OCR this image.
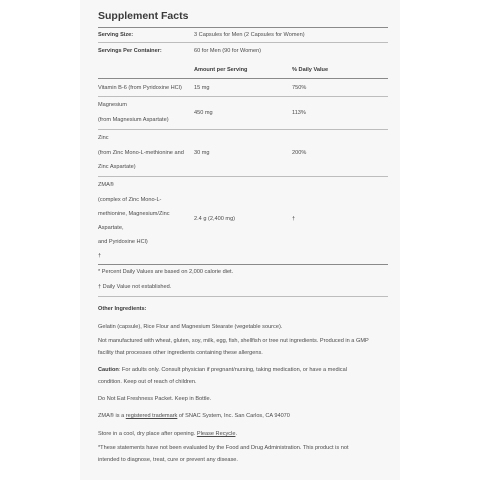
Supplement Facts
Serving Size:	3 Capsules for Men (2 Capsules for Women)
Servings Per Container:	60 for Men (90 for Women)
Amount per Serving	% Daily Value
Vitamin B-6 (from Pyridoxine HCl) 15 mg	750%
Magnesium
(from Magnesium Aspartate)
450 mg	113%
Zinc
(from Zinc Mono-L-methionine and
Zinc Aspartate)
30 mg	200%
ZMA®
(complex of Zinc Mono-L-
methionine, Magnesium/Zinc
Aspartate,
and Pyridoxine HCl)
†
2.4 g (2,400 mg)	†
* Percent Daily Values are based on 2,000 calorie diet.
† Daily Value not established.
Other Ingredients:
Gelatin (capsule), Rice Flour and Magnesium Stearate (vegetable source).
Not manufactured with wheat, gluten, soy, milk, egg, fish, shellfish or tree nut ingredients. Produced in a GMP
facility that processes other ingredients containing these allergens.
Caution: For adults only. Consult physician if pregnant/nursing, taking medication, or have a medical
condition. Keep out of reach of children.
Do Not Eat Freshness Packet. Keep in Bottle.
ZMA® is a registered trademark of SNAC System, Inc. San Carlos, CA 94070
Store in a cool, dry place after opening. Please Recycle.
*These statements have not been evaluated by the Food and Drug Administration. This product is not
intended to diagnose, treat, cure or prevent any disease.
